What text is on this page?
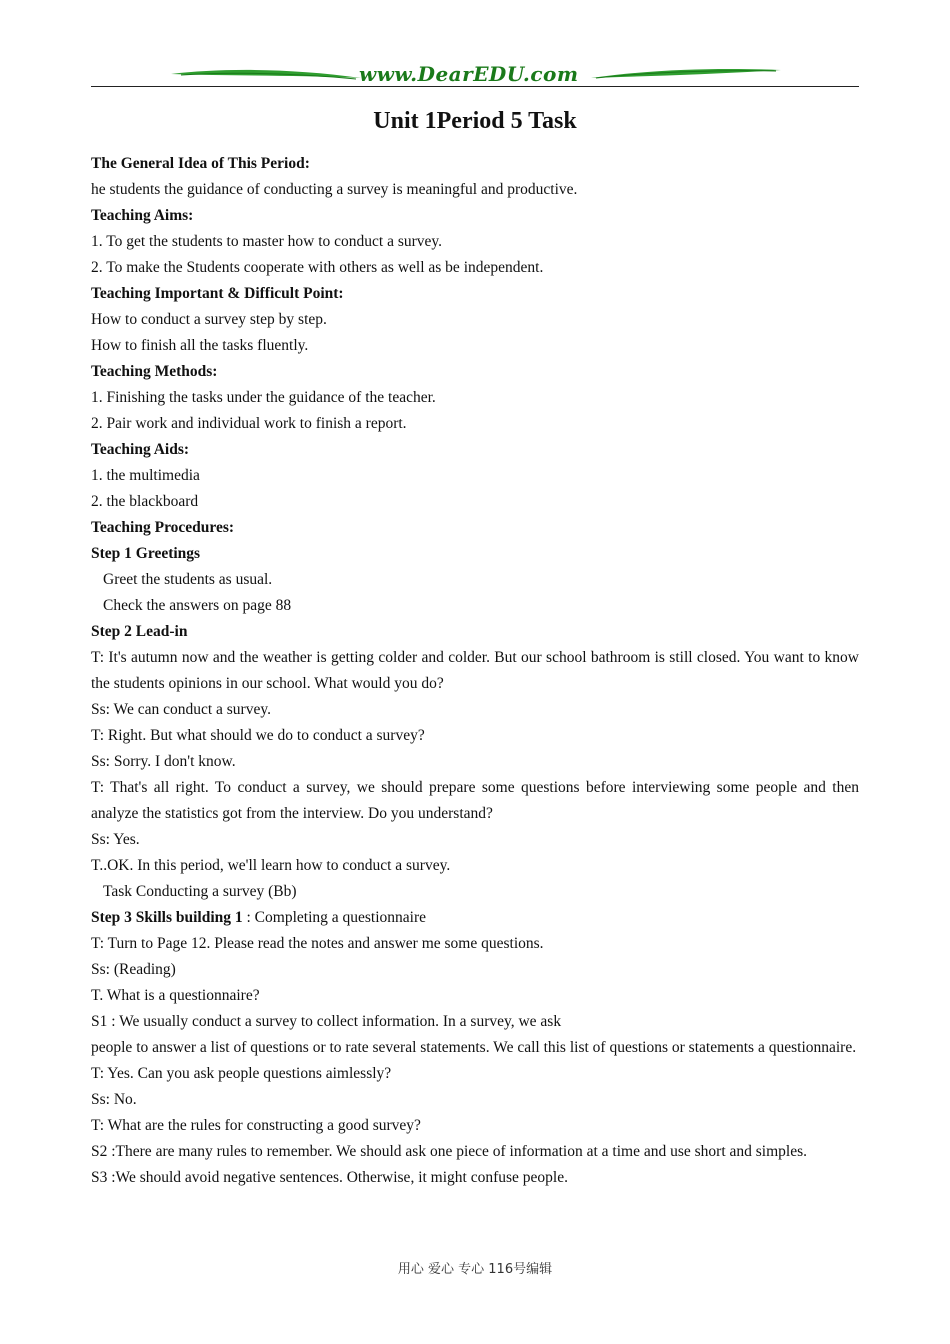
www.DearEDU.com
Unit 1Period 5 Task
The General Idea of This Period:
he students the guidance of conducting a survey is meaningful and productive.
Teaching Aims:
1. To get the students to master how to conduct a survey.
2. To make the Students cooperate with others as well as be independent.
Teaching Important & Difficult Point:
How to conduct a survey step by step.
How to finish all the tasks fluently.
Teaching Methods:
1. Finishing the tasks under the guidance of the teacher.
2. Pair work and individual work to finish a report.
Teaching Aids:
1. the multimedia
2. the blackboard
Teaching Procedures:
Step 1 Greetings
Greet the students as usual.
Check the answers on page 88
Step 2 Lead-in
T: It's autumn now and the weather is getting colder and colder. But our school bathroom is still closed. You want to know the students opinions in our school. What would you do?
Ss: We can conduct a survey.
T: Right. But what should we do to conduct a survey?
Ss: Sorry. I don't know.
T: That's all right. To conduct a survey, we should prepare some questions before interviewing some people and then analyze the statistics got from the interview. Do you understand?
Ss: Yes.
T..OK. In this period, we'll learn how to conduct a survey.
Task Conducting a survey (Bb)
Step 3 Skills building 1 : Completing a questionnaire
T: Turn to Page 12. Please read the notes and answer me some questions.
Ss: (Reading)
T. What is a questionnaire?
S1 : We usually conduct a survey to collect information. In a survey, we ask
people to answer a list of questions or to rate several statements. We call this list of questions or statements a questionnaire.
T: Yes. Can you ask people questions aimlessly?
Ss: No.
T: What are the rules for constructing a good survey?
S2 :There are many rules to remember. We should ask one piece of information at a time and use short and simples.
S3 :We should avoid negative sentences. Otherwise, it might confuse people.
用心 爱心 专心 116号编辑
